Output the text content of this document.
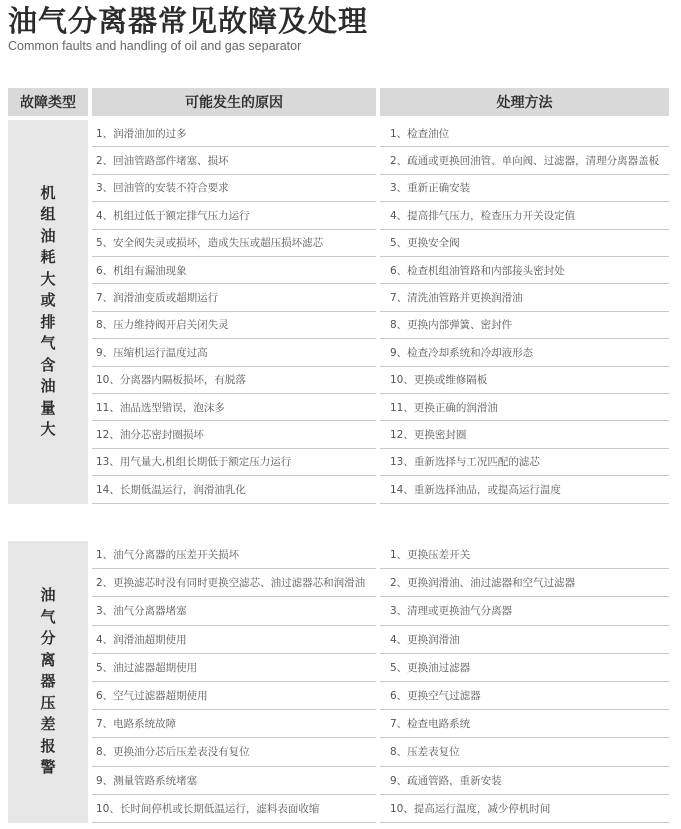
油气分离器常见故障及处理
Common faults and handling of oil and gas separator
故障类型	可能发生的原因	处理方法
机
组
油
耗
大
或
排
气
含
油
量
大
1、润滑油加的过多	1、检查油位
2、回油管路部件堵塞、损坏	2、疏通或更换回油管、单向阀、过滤器，清理分离器盖板
3、回油管的安装不符合要求	3、重新正确安装
4、机组过低于额定排气压力运行	4、提高排气压力，检查压力开关设定值
5、安全阀失灵或损坏，造成失压或超压损坏滤芯	5、更换安全阀
6、机组有漏油现象	6、检查机组油管路和内部接头密封处
7、润滑油变质或超期运行	7、清洗油管路并更换润滑油
8、压力维持阀开启关闭失灵	8、更换内部弹簧、密封件
9、压缩机运行温度过高	9、检查冷却系统和冷却液形态
10、分离器内隔板损坏，有脱落	10、更换或维修隔板
11、油品选型错误，泡沫多	11、更换正确的润滑油
12、油分芯密封圈损坏	12、更换密封圈
13、用气量大,机组长期低于额定压力运行	13、重新选择与工况匹配的滤芯
14、长期低温运行，润滑油乳化	14、重新选择油品，或提高运行温度
油
气
分
离
器
压
差
报
警
1、油气分离器的压差开关损坏	1、更换压差开关
2、更换滤芯时没有同时更换空滤芯、油过滤器芯和润滑油 2、更换润滑油、油过滤器和空气过滤器
3、油气分离器堵塞	3、清理或更换油气分离器
4、润滑油超期使用	4、更换润滑油
5、油过滤器超期使用	5、更换油过滤器
6、空气过滤器超期使用	6、更换空气过滤器
7、电路系统故障	7、检查电路系统
8、更换油分芯后压差表没有复位	8、压差表复位
9、测量管路系统堵塞	9、疏通管路，重新安装
10、长时间停机或长期低温运行，滤料表面收缩	10、提高运行温度，减少停机时间
